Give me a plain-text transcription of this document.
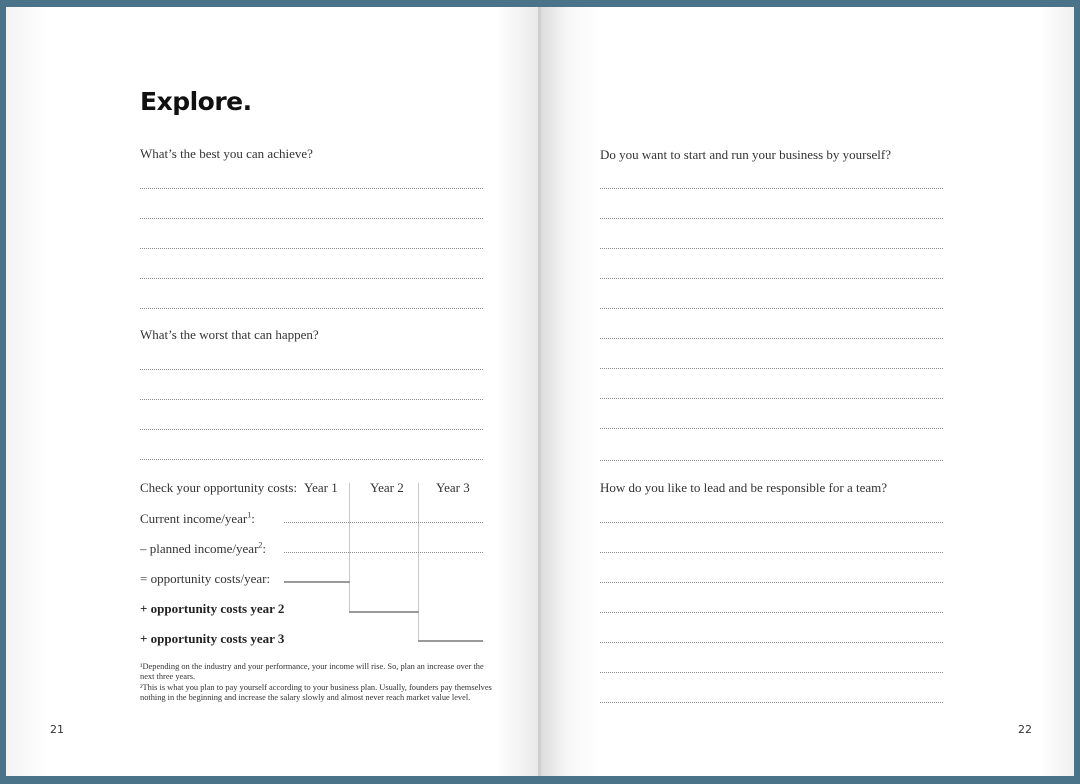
Explore.
What’s the best you can achieve?
What’s the worst that can happen?
Check your opportunity costs: Year 1 Year 2 Year 3
Current income/year$^1$:
– planned income/year$^2$:
= opportunity costs/year:
+ opportunity costs year 2
+ opportunity costs year 3
¹Depending on the industry and your performance, your income will rise. So, plan an increase over the next three years.
²This is what you plan to pay yourself according to your business plan. Usually, founders pay themselves nothing in the beginning and increase the salary slowly and almost never reach market value level.
21
Do you want to start and run your business by yourself?
How do you like to lead and be responsible for a team?
22
